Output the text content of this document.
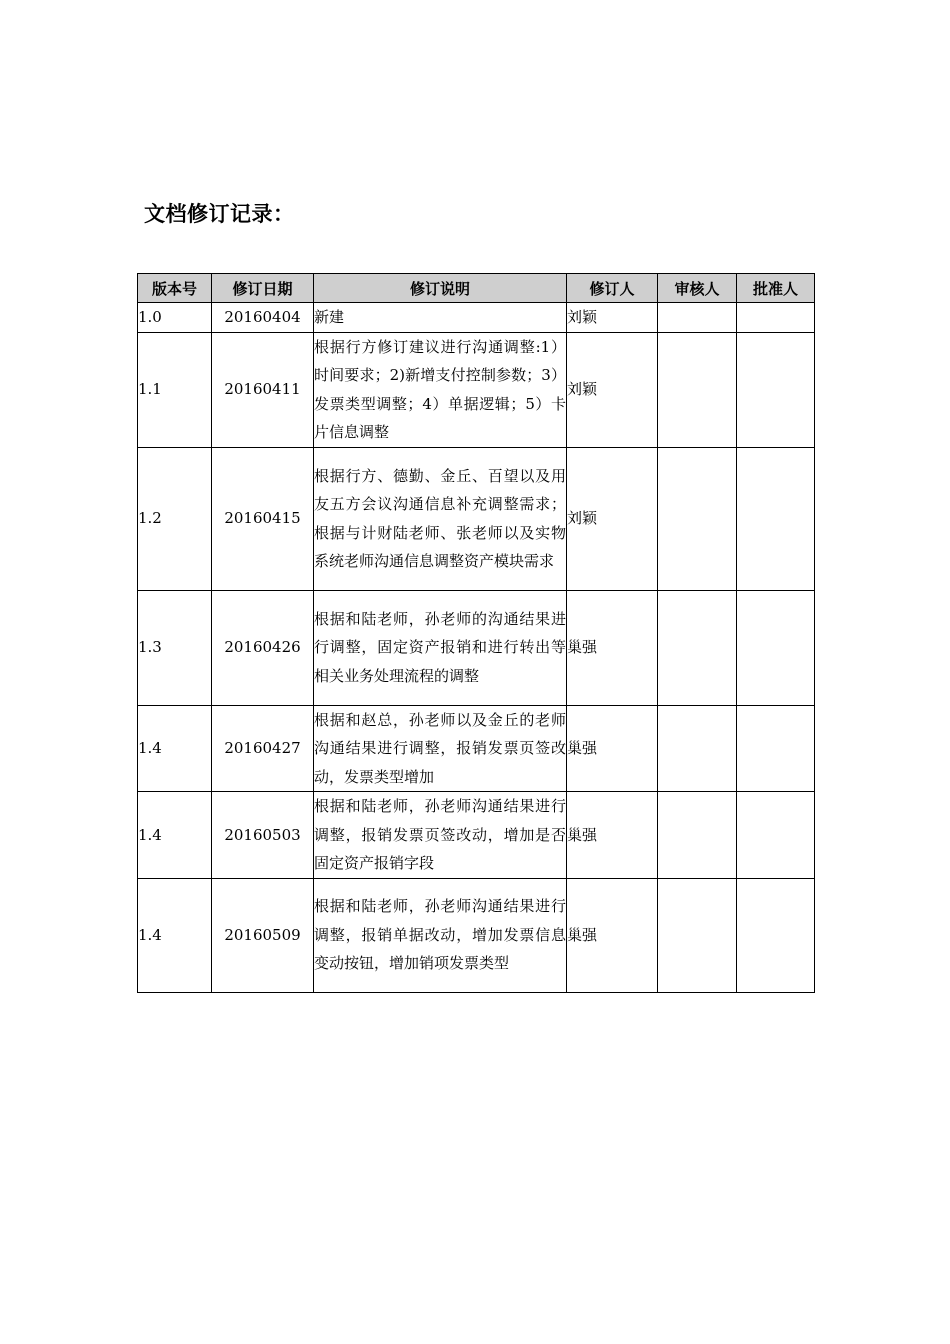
文档修订记录：
版本号	修订日期	修订说明	修订人	审核人	批准人
1.0	20160404	新建	刘颖		
1.1	20160411	根据行方修订建议进行沟通调整:1）时间要求；2)新增支付控制参数；3）发票类型调整；4）单据逻辑；5）卡片信息调整	刘颖		
1.2	20160415	根据行方、德勤、金丘、百望以及用友五方会议沟通信息补充调整需求；根据与计财陆老师、张老师以及实物系统老师沟通信息调整资产模块需求	刘颖		
1.3	20160426	根据和陆老师，孙老师的沟通结果进行调整，固定资产报销和进行转出等相关业务处理流程的调整	巢强		
1.4	20160427	根据和赵总，孙老师以及金丘的老师沟通结果进行调整，报销发票页签改动，发票类型增加	巢强		
1.4	20160503	根据和陆老师，孙老师沟通结果进行调整，报销发票页签改动，增加是否固定资产报销字段	巢强		
1.4	20160509	根据和陆老师，孙老师沟通结果进行调整，报销单据改动，增加发票信息变动按钮，增加销项发票类型	巢强		
